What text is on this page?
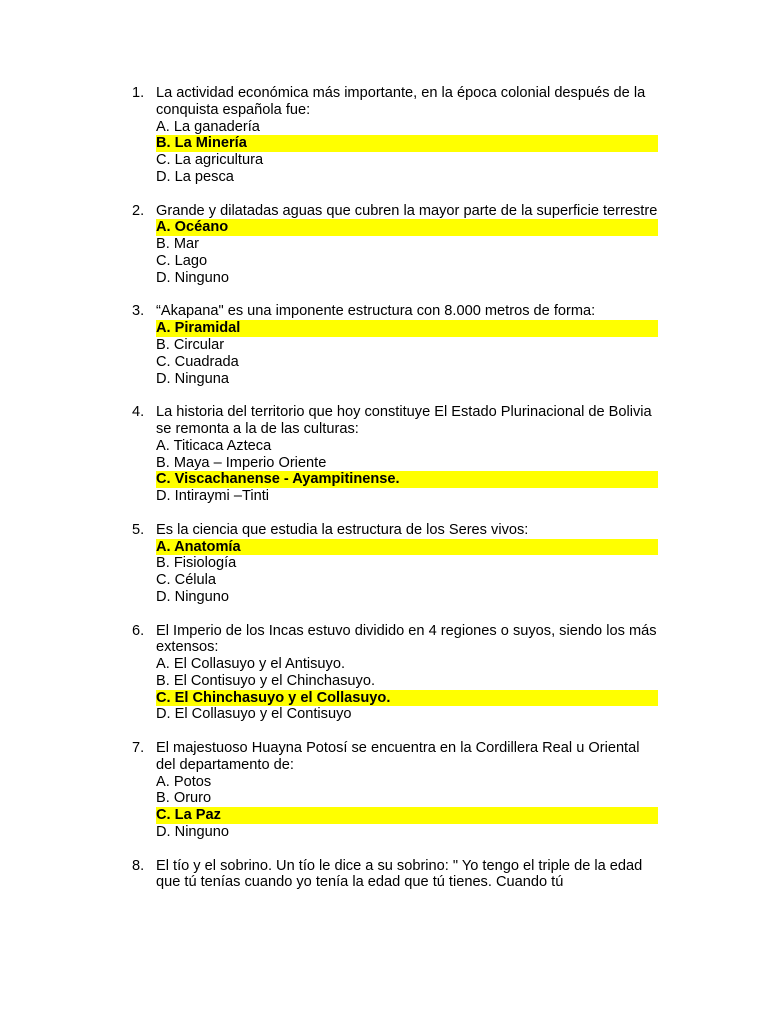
1. La actividad económica más importante, en la época colonial después de la conquista española fue:
A. La ganadería
B. La Minería
C. La agricultura
D. La pesca
2. Grande y dilatadas aguas que cubren la mayor parte de la superficie terrestre
A. Océano
B. Mar
C. Lago
D. Ninguno
3. “Akapana" es una imponente estructura con 8.000 metros de forma:
A. Piramidal
B. Circular
C. Cuadrada
D. Ninguna
4. La historia del territorio que hoy constituye El Estado Plurinacional de Bolivia se remonta a la de las culturas:
A. Titicaca Azteca
B. Maya – Imperio Oriente
C. Viscachanense - Ayampitinense.
D. Intiraymi –Tinti
5. Es la ciencia que estudia la estructura de los Seres vivos:
A. Anatomía
B. Fisiología
C. Célula
D. Ninguno
6. El Imperio de los Incas estuvo dividido en 4 regiones o suyos, siendo los más extensos:
A. El Collasuyo y el Antisuyo.
B. El Contisuyo y el Chinchasuyo.
C. El Chinchasuyo y el Collasuyo.
D. El Collasuyo y el Contisuyo
7. El majestuoso Huayna Potosí se encuentra en la Cordillera Real u Oriental del departamento de:
A. Potos
B. Oruro
C. La Paz
D. Ninguno
8. El tío y el sobrino. Un tío le dice a su sobrino: " Yo tengo el triple de la edad que tú tenías cuando yo tenía la edad que tú tienes. Cuando tú
